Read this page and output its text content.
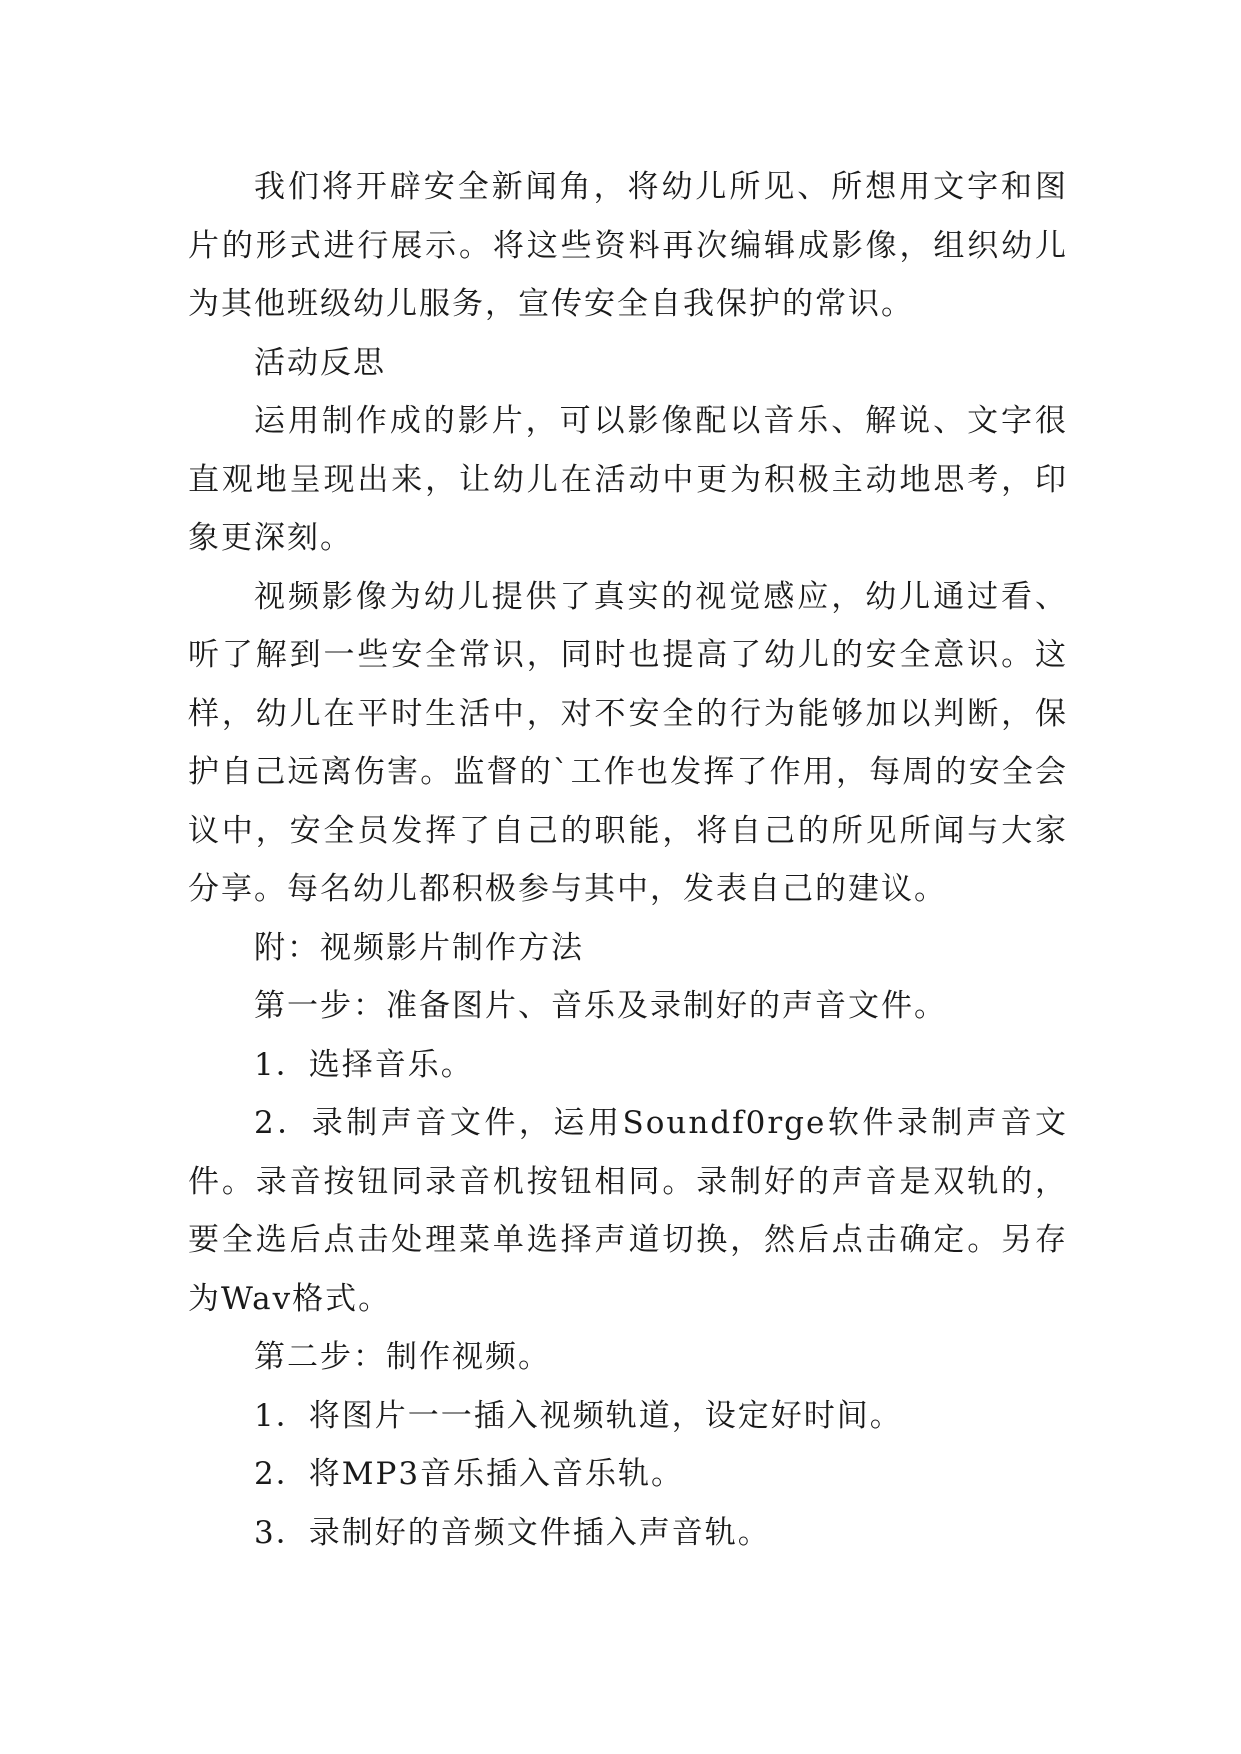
我们将开辟安全新闻角，将幼儿所见、所想用文字和图片的形式进行展示。将这些资料再次编辑成影像，组织幼儿为其他班级幼儿服务，宣传安全自我保护的常识。

活动反思

运用制作成的影片，可以影像配以音乐、解说、文字很直观地呈现出来，让幼儿在活动中更为积极主动地思考，印象更深刻。

视频影像为幼儿提供了真实的视觉感应，幼儿通过看、听了解到一些安全常识，同时也提高了幼儿的安全意识。这样，幼儿在平时生活中，对不安全的行为能够加以判断，保护自己远离伤害。监督的`工作也发挥了作用，每周的安全会议中，安全员发挥了自己的职能，将自己的所见所闻与大家分享。每名幼儿都积极参与其中，发表自己的建议。

附：视频影片制作方法

第一步：准备图片、音乐及录制好的声音文件。

1．选择音乐。

2．录制声音文件，运用Soundf0rge软件录制声音文件。录音按钮同录音机按钮相同。录制好的声音是双轨的，要全选后点击处理菜单选择声道切换，然后点击确定。另存为Wav格式。

第二步：制作视频。

1．将图片一一插入视频轨道，设定好时间。

2．将MP3音乐插入音乐轨。

3．录制好的音频文件插入声音轨。
